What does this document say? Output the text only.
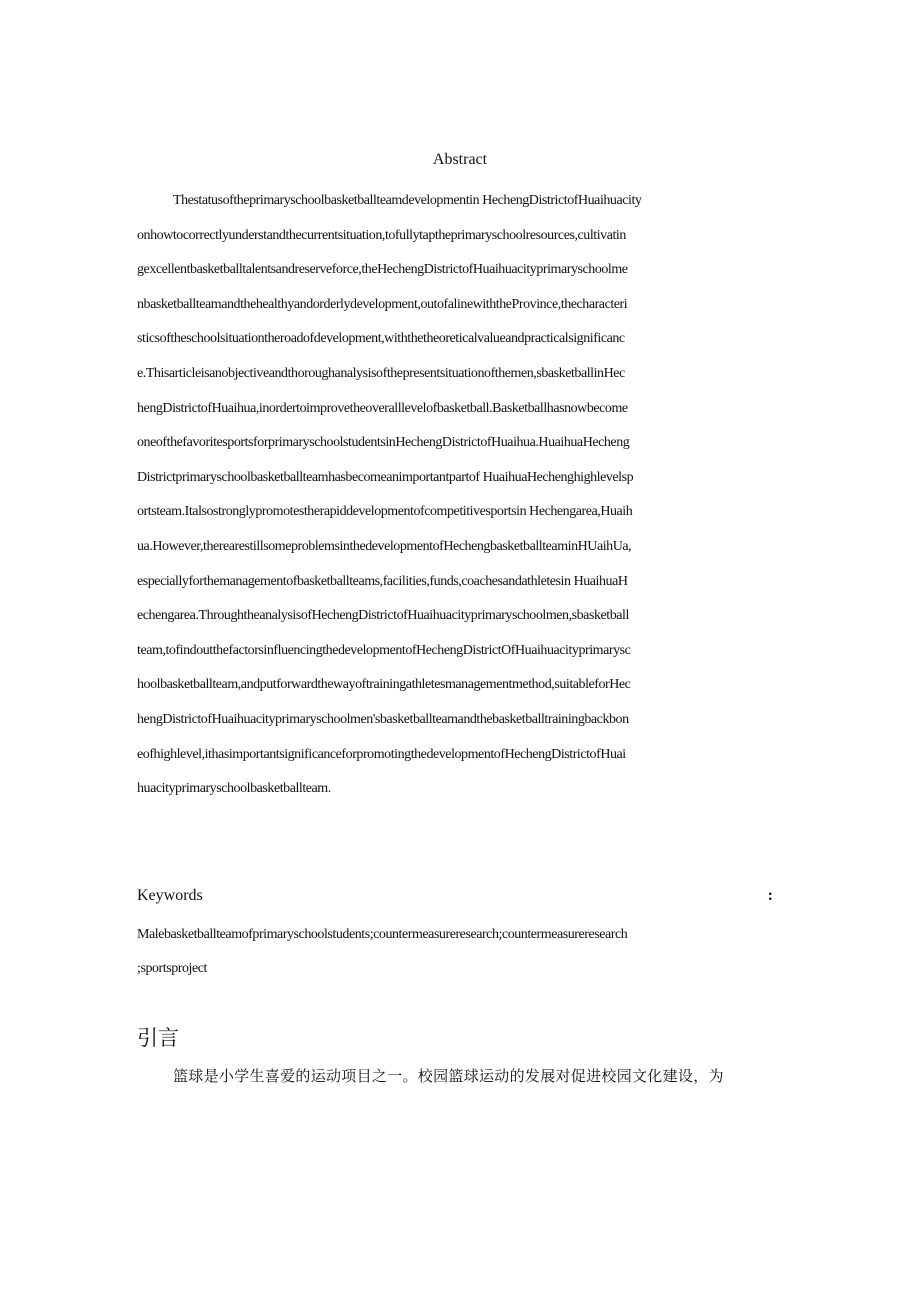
Abstract
Thestatusoftheprimaryschoolbasketballteamdevelopmentin HechengDistrictofHuaihuacity
onhowtocorrectlyunderstandthecurrentsituation,tofullytaptheprimaryschoolresources,cultivatin
gexcellentbasketballtalentsandreserveforce,theHechengDistrictofHuaihuacityprimaryschoolme
nbasketballteamandthehealthyandorderlydevelopment,outofalinewiththeProvince,thecharacteri
sticsoftheschoolsituationtheroadofdevelopment,withthetheoreticalvalueandpracticalsignificanc
e.Thisarticleisanobjectiveandthoroughanalysisofthepresentsituationofthemen,sbasketballinHec
hengDistrictofHuaihua,inordertoimprovetheoveralllevelofbasketball.Basketballhasnowbecome
oneofthefavoritesportsforprimaryschoolstudentsinHechengDistrictofHuaihua.HuaihuaHecheng
Districtprimaryschoolbasketballteamhasbecomeanimportantpartof HuaihuaHechenghighlevelsp
ortsteam.Italsostronglypromotestherapiddevelopmentofcompetitivesportsin Hechengarea,Huaih
ua.However,therearestillsomeproblemsinthedevelopmentofHechengbasketballteaminHUaihUa,
especiallyforthemanagementofbasketballteams,facilities,funds,coachesandathletesin HuaihuaH
echengarea.ThroughtheanalysisofHechengDistrictofHuaihuacityprimaryschoolmen,sbasketball
team,tofindoutthefactorsinfluencingthedevelopmentofHechengDistrictOfHuaihuacityprimarysc
hoolbasketballteam,andputforwardthewayoftrainingathletesmanagementmethod,suitableforHec
hengDistrictofHuaihuacityprimaryschoolmen'sbasketballteamandthebasketballtrainingbackbon
eofhighlevel,ithasimportantsignificanceforpromotingthedevelopmentofHechengDistrictofHuai
huacityprimaryschoolbasketballteam.
Keywords	:
Malebasketballteamofprimaryschoolstudents;countermeasureresearch;countermeasureresearch
;sportsproject
引言
篮球是小学生喜爱的运动项目之一。校园篮球运动的发展对促进校园文化建设，为
